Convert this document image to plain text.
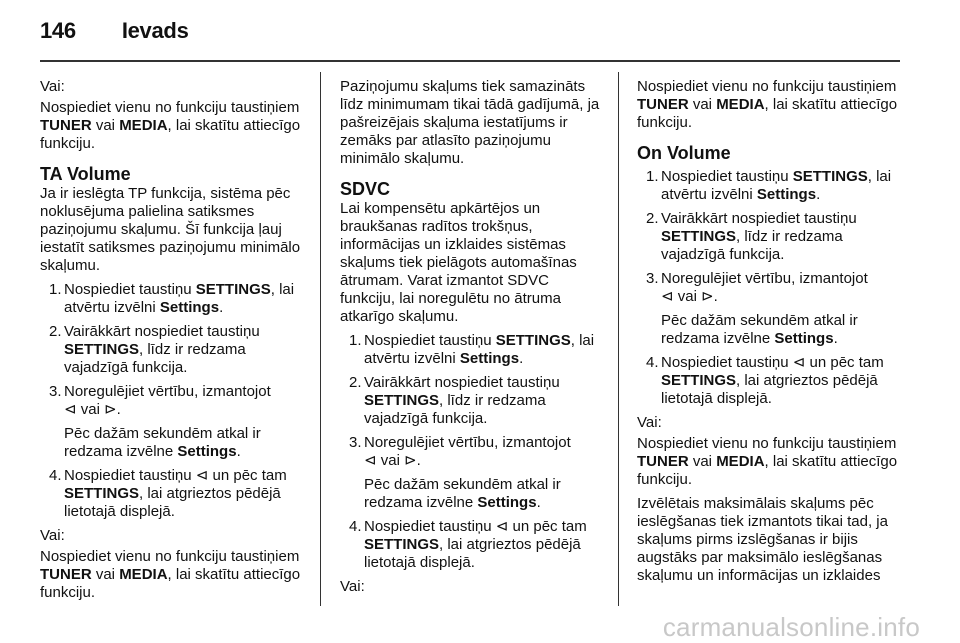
146 Ievads

Vai:

Nospiediet vienu no funkciju taustiņiem TUNER vai MEDIA, lai skatītu attiecīgo funkciju.

TA Volume

Ja ir ieslēgta TP funkcija, sistēma pēc noklusējuma palielina satiksmes paziņojumu skaļumu. Šī funkcija ļauj iestatīt satiksmes paziņojumu minimālo skaļumu.

1. Nospiediet taustiņu SETTINGS, lai atvērtu izvēlni Settings.

2. Vairākkārt nospiediet taustiņu SETTINGS, līdz ir redzama vajadzīgā funkcija.

3. Noregulējiet vērtību, izmantojot
⊲ vai ⊳.

Pēc dažām sekundēm atkal ir redzama izvēlne Settings.

4. Nospiediet taustiņu ⊲ un pēc tam SETTINGS, lai atgrieztos pēdējā lietotajā displejā.

Vai:

Nospiediet vienu no funkciju taustiņiem TUNER vai MEDIA, lai skatītu attiecīgo funkciju.

Paziņojumu skaļums tiek samazināts līdz minimumam tikai tādā gadījumā, ja pašreizējais skaļuma iestatījums ir zemāks par atlasīto paziņojumu minimālo skaļumu.

SDVC

Lai kompensētu apkārtējos un braukšanas radītos trokšņus, informācijas un izklaides sistēmas skaļums tiek pielāgots automašīnas ātrumam. Varat izmantot SDVC funkciju, lai noregulētu no ātruma atkarīgo skaļumu.

1. Nospiediet taustiņu SETTINGS, lai atvērtu izvēlni Settings.

2. Vairākkārt nospiediet taustiņu SETTINGS, līdz ir redzama vajadzīgā funkcija.

3. Noregulējiet vērtību, izmantojot
⊲ vai ⊳.

Pēc dažām sekundēm atkal ir redzama izvēlne Settings.

4. Nospiediet taustiņu ⊲ un pēc tam SETTINGS, lai atgrieztos pēdējā lietotajā displejā.

Vai:

Nospiediet vienu no funkciju taustiņiem TUNER vai MEDIA, lai skatītu attiecīgo funkciju.

On Volume
1. Nospiediet taustiņu SETTINGS, lai atvērtu izvēlni Settings.

2. Vairākkārt nospiediet taustiņu SETTINGS, līdz ir redzama vajadzīgā funkcija.

3. Noregulējiet vērtību, izmantojot
⊲ vai ⊳.

Pēc dažām sekundēm atkal ir redzama izvēlne Settings.

4. Nospiediet taustiņu ⊲ un pēc tam SETTINGS, lai atgrieztos pēdējā lietotajā displejā.

Vai:

Nospiediet vienu no funkciju taustiņiem TUNER vai MEDIA, lai skatītu attiecīgo funkciju.

Izvēlētais maksimālais skaļums pēc ieslēgšanas tiek izmantots tikai tad, ja skaļums pirms izslēgšanas ir bijis augstāks par maksimālo ieslēgšanas skaļumu un informācijas un izklaides

carmanualsonline.info
